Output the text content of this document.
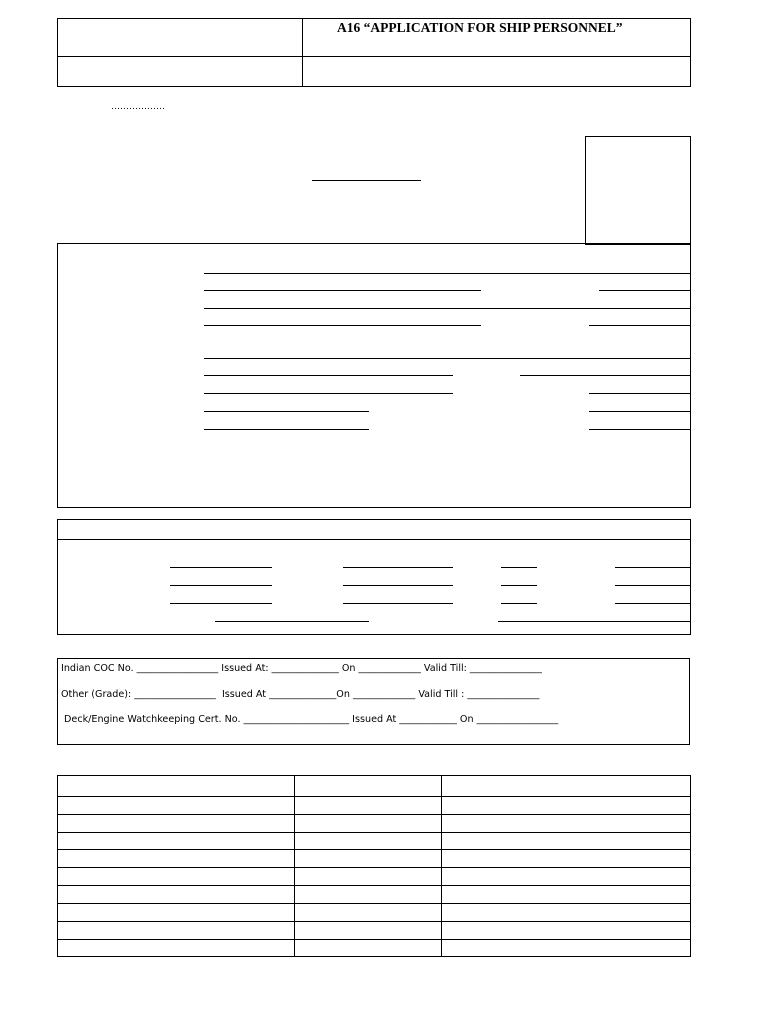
A16 “APPLICATION FOR SHIP PERSONNEL”
………………
Indian COC No. _________________ Issued At: ______________ On _____________ Valid Till: _______________
Other (Grade): _________________  Issued At ______________On _____________ Valid Till : _______________
Deck/Engine Watchkeeping Cert. No. ______________________ Issued At ____________ On _________________
